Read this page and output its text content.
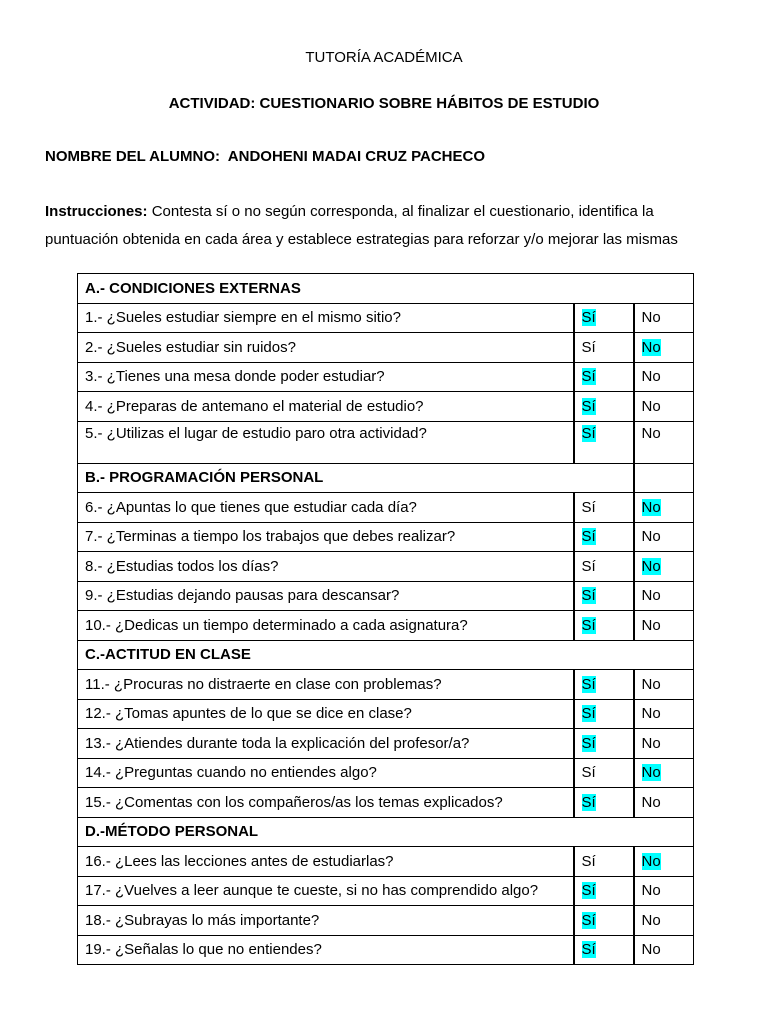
TUTORÍA ACADÉMICA
ACTIVIDAD: CUESTIONARIO SOBRE HÁBITOS DE ESTUDIO
NOMBRE DEL ALUMNO: ANDOHENI MADAI CRUZ PACHECO
Instrucciones: Contesta sí o no según corresponda, al finalizar el cuestionario, identifica la
puntuación obtenida en cada área y establece estrategias para reforzar y/o mejorar las mismas
A.- CONDICIONES EXTERNAS		
1.- ¿Sueles estudiar siempre en el mismo sitio?	Sí	No
2.- ¿Sueles estudiar sin ruidos?	Sí	No
3.- ¿Tienes una mesa donde poder estudiar?	Sí	No
4.- ¿Preparas de antemano el material de estudio?	Sí	No
5.- ¿Utilizas el lugar de estudio paro otra actividad?	Sí	No
B.- PROGRAMACIÓN PERSONAL		
6.- ¿Apuntas lo que tienes que estudiar cada día?	Sí	No
7.- ¿Terminas a tiempo los trabajos que debes realizar?	Sí	No
8.- ¿Estudias todos los días?	Sí	No
9.- ¿Estudias dejando pausas para descansar?	Sí	No
10.- ¿Dedicas un tiempo determinado a cada asignatura?	Sí	No
C.-ACTITUD EN CLASE		
11.- ¿Procuras no distraerte en clase con problemas?	Sí	No
12.- ¿Tomas apuntes de lo que se dice en clase?	Sí	No
13.- ¿Atiendes durante toda la explicación del profesor/a?	Sí	No
14.- ¿Preguntas cuando no entiendes algo?	Sí	No
15.- ¿Comentas con los compañeros/as los temas explicados?	Sí	No
D.-MÉTODO PERSONAL		
16.- ¿Lees las lecciones antes de estudiarlas?	Sí	No
17.- ¿Vuelves a leer aunque te cueste, si no has comprendido algo?	Sí	No
18.- ¿Subrayas lo más importante?	Sí	No
19.- ¿Señalas lo que no entiendes?	Sí	No
